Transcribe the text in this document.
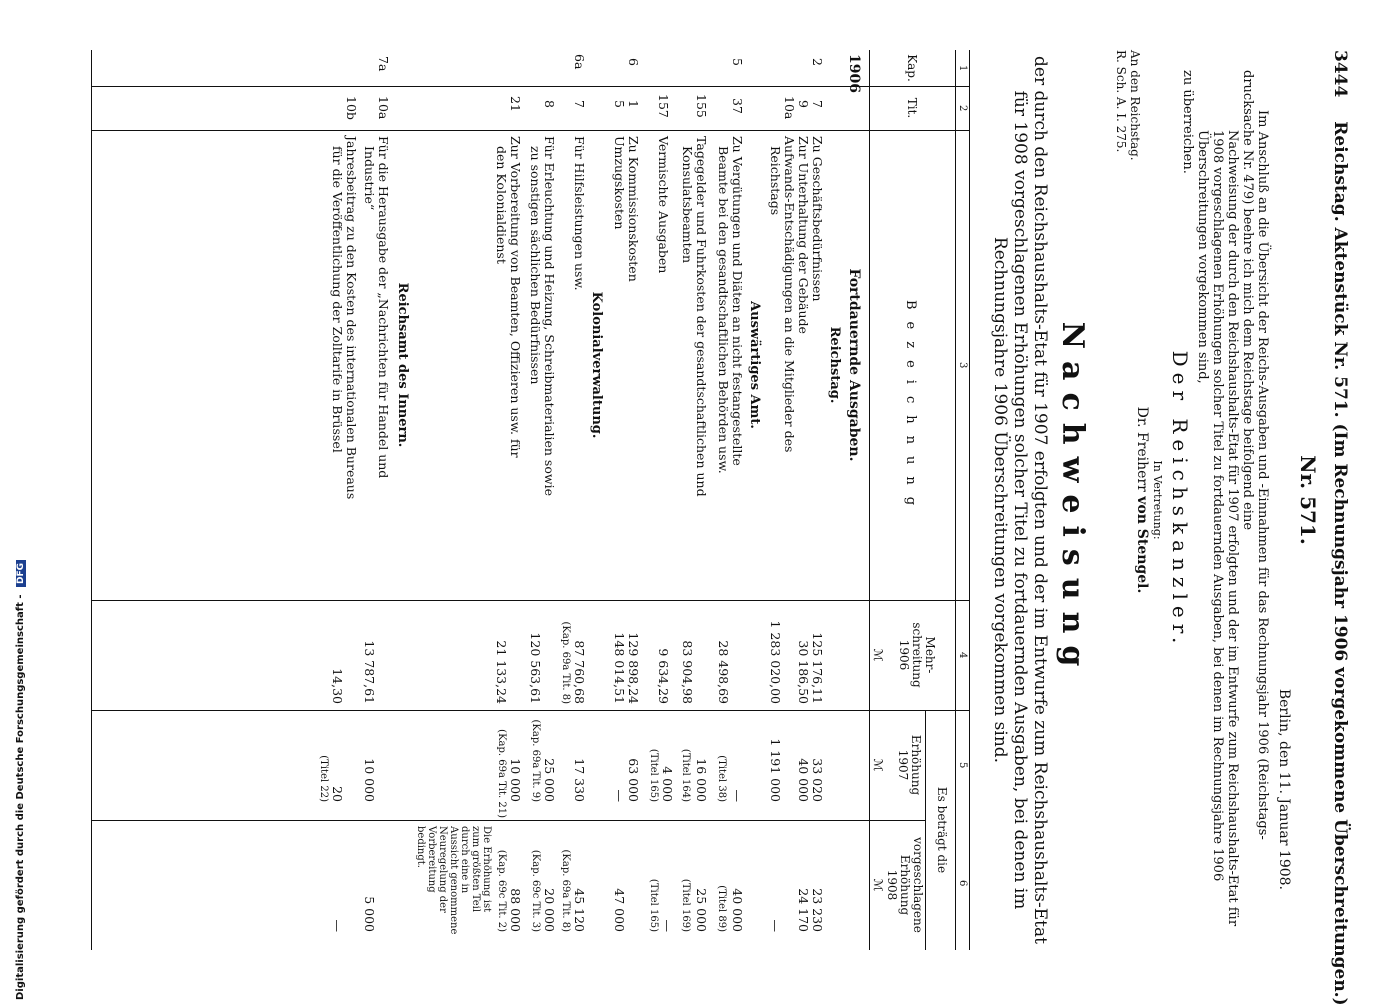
Digitalisierung gefördert durch die Deutsche Forschungsgemeinschaft - DFG
3444 Reichstag. Aktenstück Nr. 571. (Im Rechnungsjahr 1906 vorgekommene Überschreitungen.)
Nr. 571.
Berlin, den 11. Januar 1908.

Im Anschluß an die Übersicht der Reichs-Ausgaben und -Einnahmen für das Rechnungsjahr 1906 (Reichstags-

drucksache Nr. 479) beehre ich mich dem Reichstage beifolgend eine

Nachweisung der durch den Reichshaushalts-Etat für 1907 erfolgten und der im Entwurfe zum Reichshaushalts-Etat für 1908 vorgeschlagenen Erhöhungen solcher Titel zu fortdauernden Ausgaben, bei denen im Rechnungsjahre 1906 Überschreitungen vorgekommen sind,

zu überreichen.

Der Reichskanzler.
In Vertretung:
Dr. Freiherr von Stengel.
An den Reichstag.
R. Sch. A. I. 275.
Nachweisung
der durch den Reichshaushalts-Etat für 1907 erfolgten und der im Entwurfe zum Reichshaushalts-Etat für 1908 vorgeschlagenen Erhöhungen solcher Titel zu fortdauernden Ausgaben, bei denen im Rechnungsjahre 1906 Überschreitungen vorgekommen sind.
1
2
3
4
5
6
Kap.
Tit.
Bezeichnung
Mehr-
schreitung
1906
Es beträgt die
Erhöhung
1907
vorgeschlagene
Erhöhung
1908
ℳ
ℳ
ℳ
1906
Fortdauernde Ausgaben.
Reichstag.
2
7
Zu Geschäftsbedürfnissen
125 176,11
33 020
23 230
9
Zur Unterhaltung der Gebäude
30 186,50
40 000
24 170
10a
Aufwands-Entschädigungen an die Mitglieder des
Reichstags
1 283 020,00
1 191 000
—
Auswärtiges Amt.
5
37
Zu Vergütungen und Diäten an nicht festangestellte
Beamte bei den gesandtschaftlichen Behörden usw.
28 498,69
—
(Titel 38)
40 000
(Titel 89)
155
Tagegelder und Fuhrkosten der gesandtschaftlichen und
Konsulatsbeamten
83 904,98
16 000
(Titel 164)
25 000
(Titel 169)
157
Vermischte Ausgaben
9 634,29
4 000
(Titel 165)
—
(Titel 165)
6
1
Zu Kommissionskosten
129 898,24
63 000
5
Umzugskosten
148 014,51
—
47 000
Kolonialverwaltung.
6a
7
Für Hilfsleistungen usw.
87 760,68
(Kap. 69a Tit. 8)
17 330
45 120
(Kap. 69a Tit. 8)
8
Für Erleuchtung und Heizung, Schreibmaterialien sowie
zu sonstigen sächlichen Bedürfnissen
120 563,61
25 000
(Kap. 69a Tit. 9)
20 000
(Kap. 69c Tit. 3)
21
Zur Vorbereitung von Beamten, Offizieren usw. für
den Kolonialdienst
21 133,24
10 000
(Kap. 69a Tit. 21)
88 000
(Kap. 69c Tit. 2)
Die Erhöhung ist zum größten Teil durch eine in Aussicht genommene Neuregelung der Vorbereitung bedingt.
Reichsamt des Innern.
7a
10a
Für die Herausgabe der „Nachrichten für Handel und
Industrie“
13 787,61
10 000
5 000
10b
Jahresbeitrag zu den Kosten des internationalen Bureaus
für die Veröffentlichung der Zolltarife in Brüssel
14,30
20
(Titel 22)
—
